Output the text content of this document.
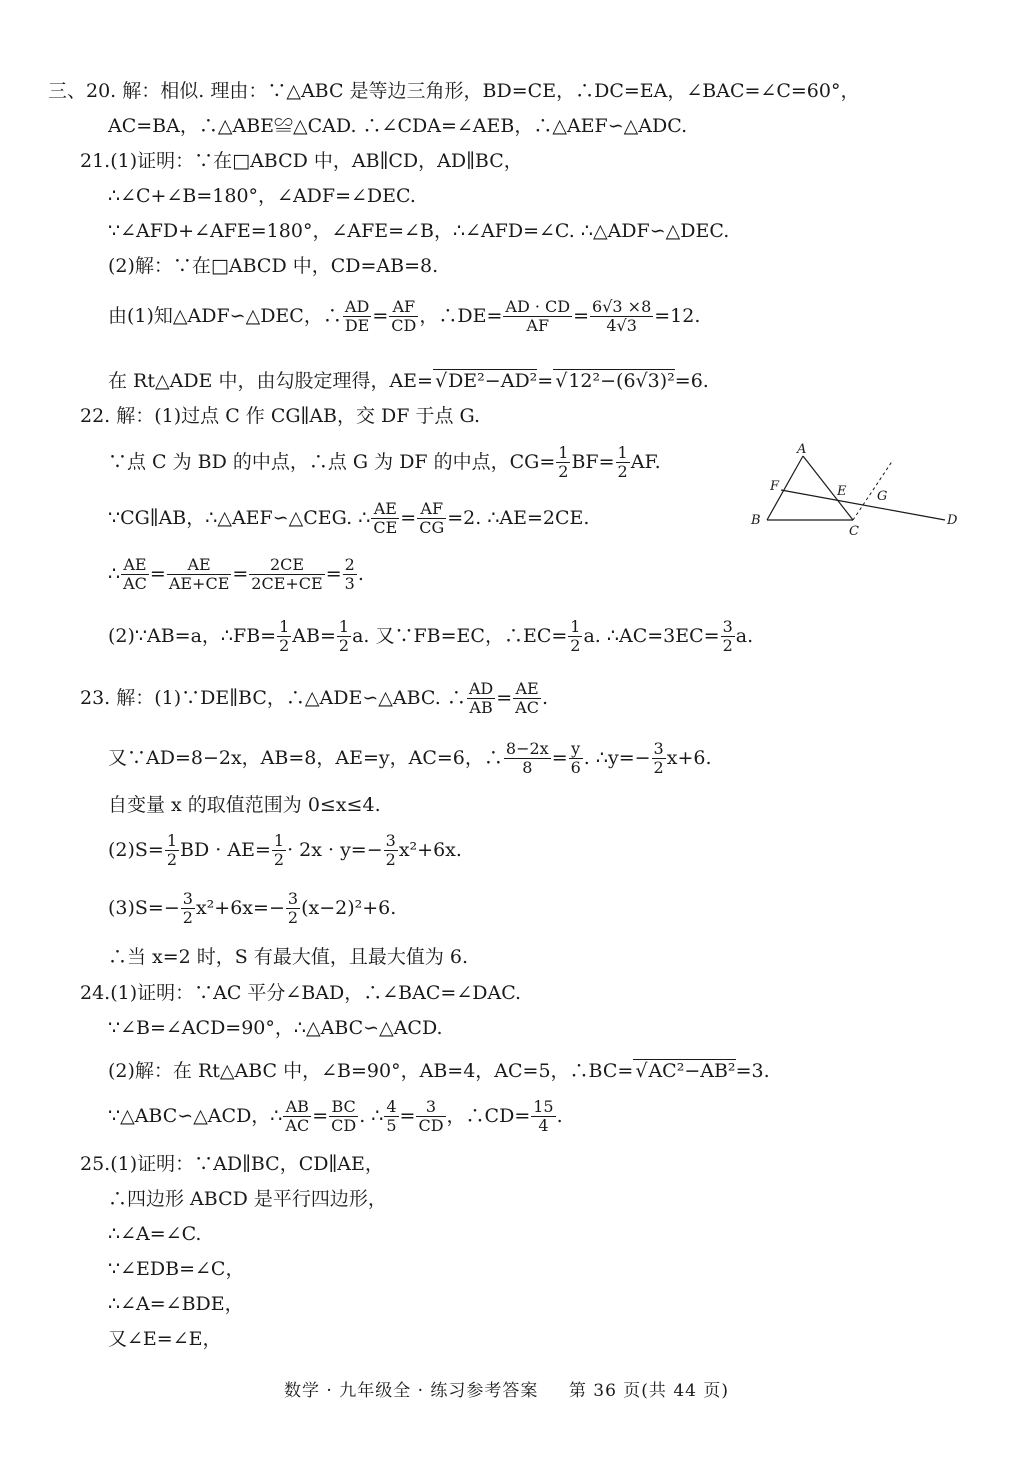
三、20. 解：相似. 理由：∵△ABC 是等边三角形，BD=CE，∴DC=EA，∠BAC=∠C=60°，
AC=BA，∴△ABE≌△CAD. ∴∠CDA=∠AEB，∴△AEF∽△ADC.
21.(1)证明：∵在□ABCD 中，AB∥CD，AD∥BC，
∴∠C+∠B=180°，∠ADF=∠DEC.
∵∠AFD+∠AFE=180°，∠AFE=∠B，∴∠AFD=∠C. ∴△ADF∽△DEC.
(2)解：∵在□ABCD 中，CD=AB=8.
由(1)知△ADF∽△DEC，∴ $\frac{AD}{DE} = \frac{AF}{CD}$ ，∴DE= $\frac{AD \cdot CD}{AF} = \frac{6√3 \times 8}{4√3} =12$.
在 Rt△ADE 中，由勾股定理得，AE= √ DE²−AD²= √ 12²−(6√3)²=6.
22. 解：(1)过点 C 作 CG∥AB，交 DF 于点 G.
∵点 C 为 BD 的中点，∴点 G 为 DF 的中点，$CG= \frac{1}{2} BF= \frac{1}{2}$ AF.
∵CG∥AB，∴△AEF∽△CEG. ∴ $\frac{AE}{CE} = \frac{AF}{CG} =2$. ∴AE=2CE.
∴ $\frac{AE}{AC} = \frac{AE}{AE+CE} = \frac{2CE}{2CE+CE} = \frac{2}{3}$ .
(2)∵AB=a，∴FB= $\frac{1}{2} AB= \frac{1}{2} a$. 又∵FB=EC，∴EC= $\frac{1}{2} a$. ∴AC=3EC= $\frac{3}{2} a$.
A
B
C
D
E
F
G
23. 解：(1)∵DE∥BC，∴△ADE∽△ABC. ∴ $\frac{AD}{AB} = \frac{AE}{AC}$ .
又∵AD=8−2x，AB=8，AE=y，AC=6，∴ $\frac{8-2x}{8} = \frac{y}{6}$ . ∴y=− $\frac{3}{2} x+6$.
自变量 x 的取值范围为 0≤x≤4.
$(2)S= \frac{1}{2}$ BD · $AE= \frac{1}{2} \cdot 2x \cdot y=- \frac{3}{2} x^2+6x$.
$(3)S=- \frac{3}{2} x^2+6x=- \frac{3}{2} (x-2)^2+6$.
∴当 x=2 时，S 有最大值，且最大值为 6.
24.(1)证明：∵AC 平分∠BAD，∴∠BAC=∠DAC.
∵∠B=∠ACD=90°，∴△ABC∽△ACD.
(2)解：在 Rt△ABC 中，∠B=90°，AB=4，AC=5，∴BC= √ AC²−AB²=3.
∵△ABC∽△ACD，∴ $\frac{AB}{AC} = \frac{BC}{CD}$ . ∴ $\frac{4}{5} = \frac{3}{CD}$ ，∴CD= $\frac{15}{4}$ .
25.(1)证明：∵AD∥BC，CD∥AE，
∴四边形 ABCD 是平行四边形，
∴∠A=∠C.
∵∠EDB=∠C，
∴∠A=∠BDE，
又∠E=∠E，
数学 · 九年级全 · 练习参考答案 第 36 页(共 44 页)
